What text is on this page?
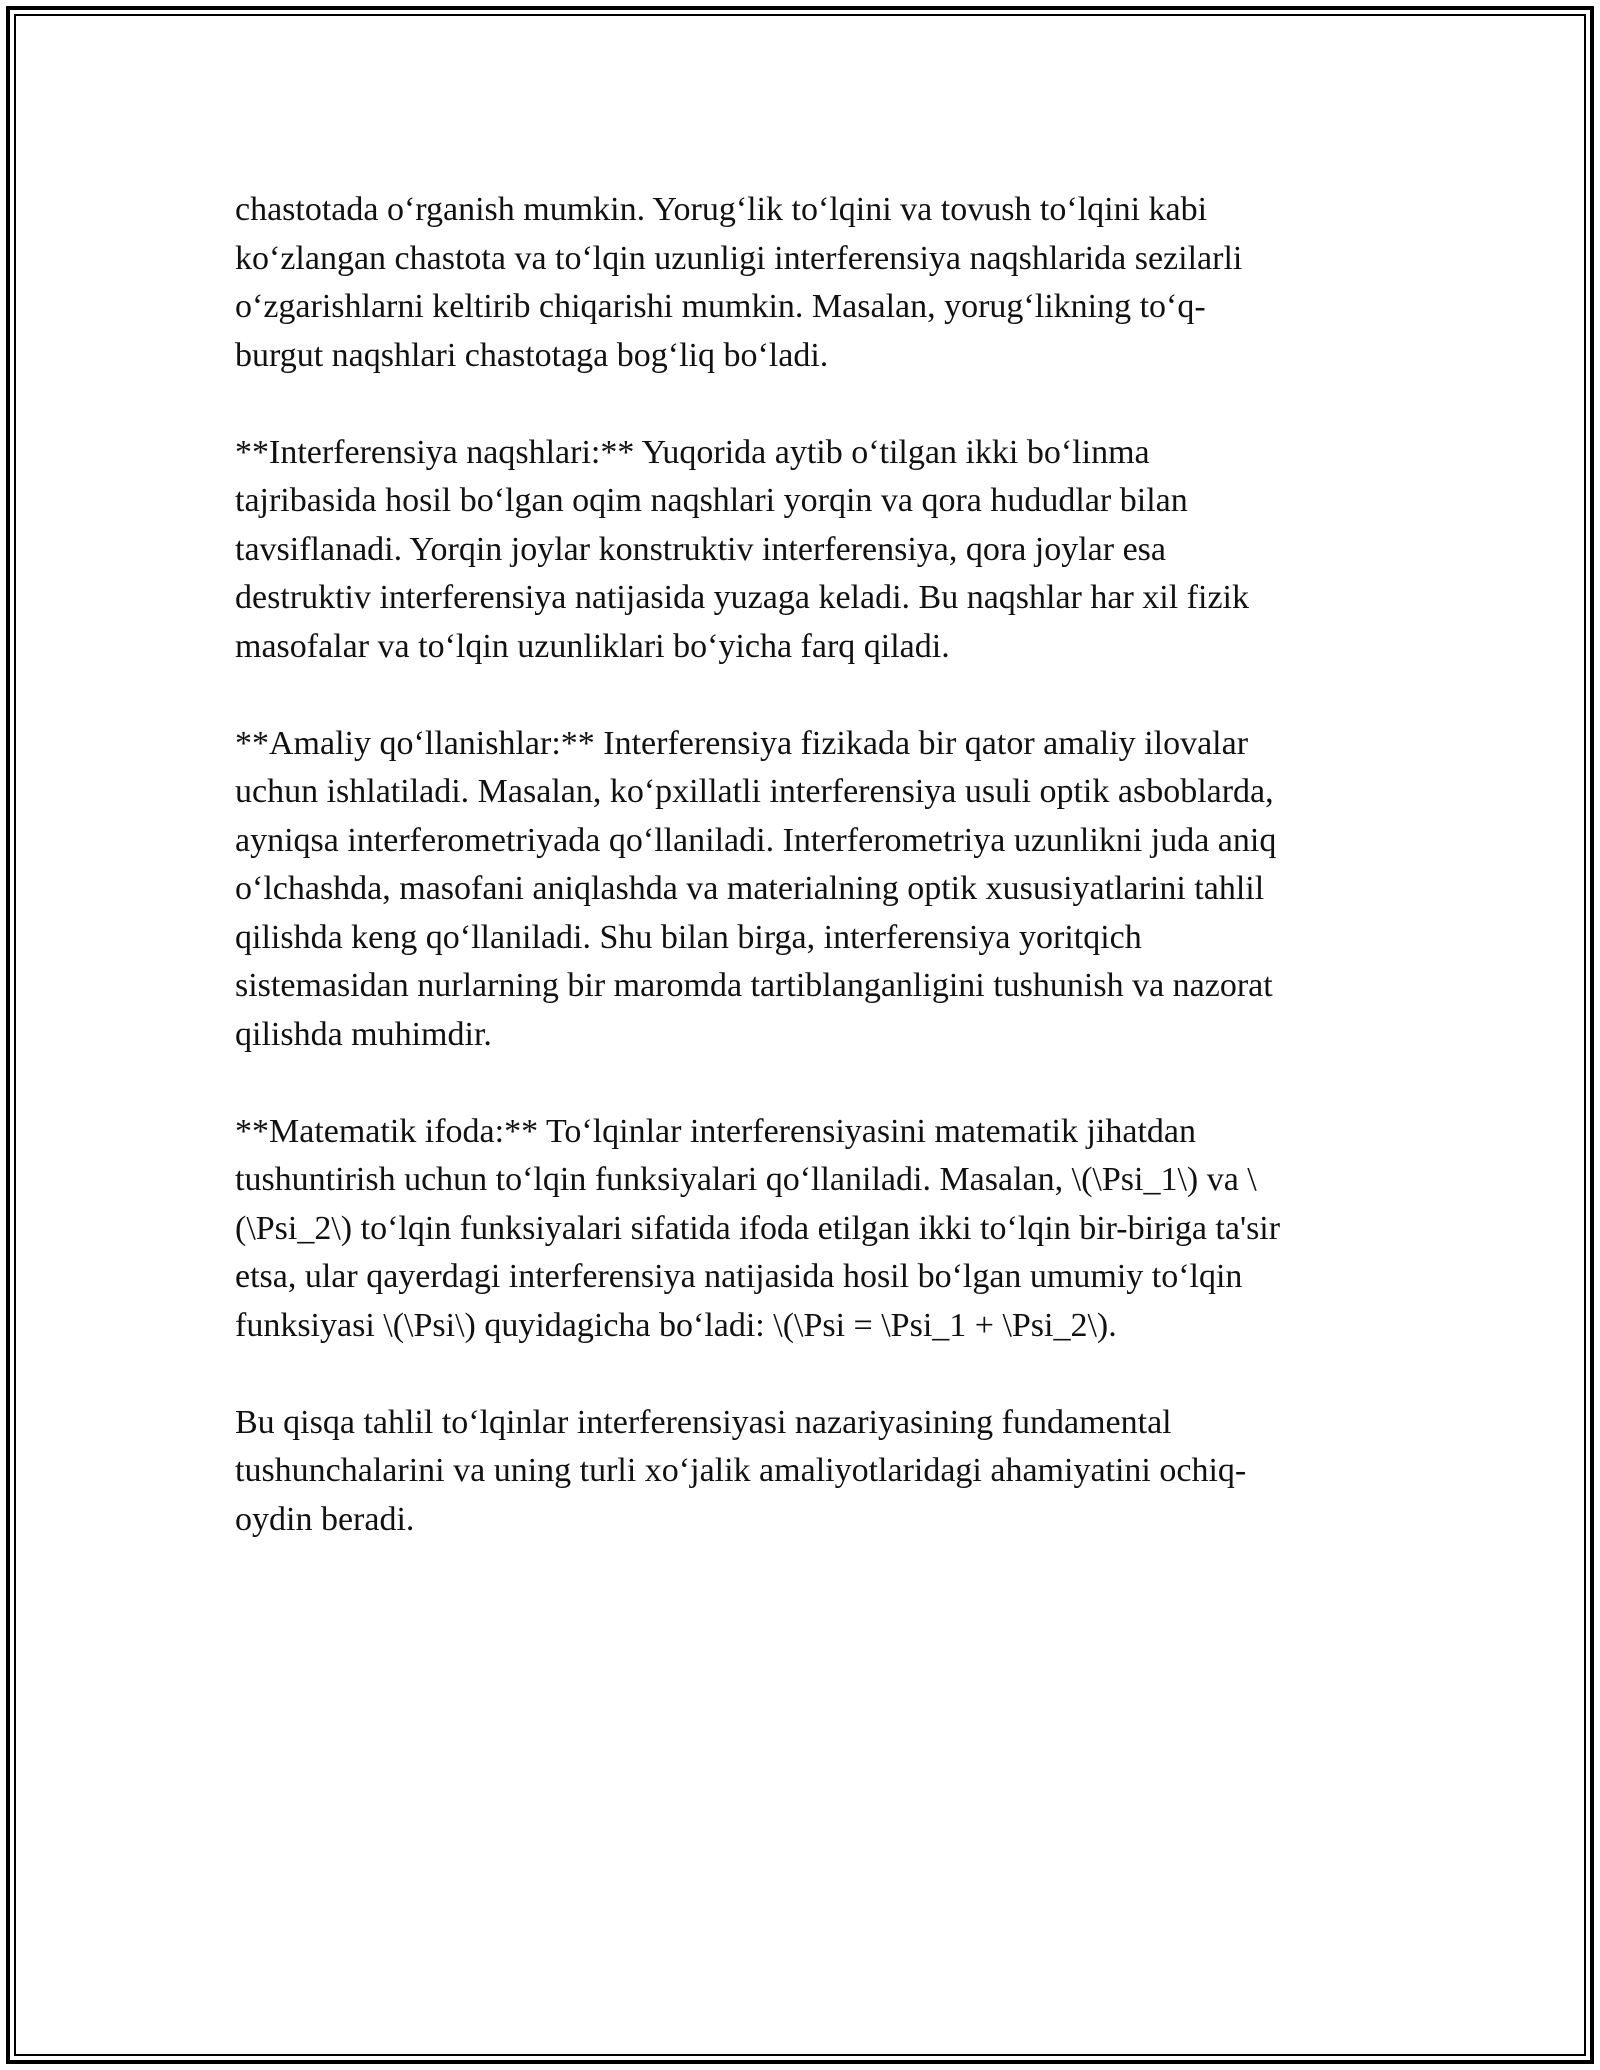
chastotada o‘rganish mumkin. Yorug‘lik to‘lqini va tovush to‘lqini kabi
ko‘zlangan chastota va to‘lqin uzunligi interferensiya naqshlarida sezilarli
o‘zgarishlarni keltirib chiqarishi mumkin. Masalan, yorug‘likning to‘q-
burgut naqshlari chastotaga bog‘liq bo‘ladi.

**Interferensiya naqshlari:** Yuqorida aytib o‘tilgan ikki bo‘linma
tajribasida hosil bo‘lgan oqim naqshlari yorqin va qora hududlar bilan
tavsiflanadi. Yorqin joylar konstruktiv interferensiya, qora joylar esa
destruktiv interferensiya natijasida yuzaga keladi. Bu naqshlar har xil fizik
masofalar va to‘lqin uzunliklari bo‘yicha farq qiladi.

**Amaliy qo‘llanishlar:** Interferensiya fizikada bir qator amaliy ilovalar
uchun ishlatiladi. Masalan, ko‘pxillatli interferensiya usuli optik asboblarda,
ayniqsa interferometriyada qo‘llaniladi. Interferometriya uzunlikni juda aniq
o‘lchashda, masofani aniqlashda va materialning optik xususiyatlarini tahlil
qilishda keng qo‘llaniladi. Shu bilan birga, interferensiya yoritqich
sistemasidan nurlarning bir maromda tartiblanganligini tushunish va nazorat
qilishda muhimdir.

**Matematik ifoda:** To‘lqinlar interferensiyasini matematik jihatdan
tushuntirish uchun to‘lqin funksiyalari qo‘llaniladi. Masalan, \(\Psi_1\) va \
(\Psi_2\) to‘lqin funksiyalari sifatida ifoda etilgan ikki to‘lqin bir-biriga ta'sir
etsa, ular qayerdagi interferensiya natijasida hosil bo‘lgan umumiy to‘lqin
funksiyasi \(\Psi\) quyidagicha bo‘ladi: \(\Psi = \Psi_1 + \Psi_2\).

Bu qisqa tahlil to‘lqinlar interferensiyasi nazariyasining fundamental
tushunchalarini va uning turli xo‘jalik amaliyotlaridagi ahamiyatini ochiq-
oydin beradi.
